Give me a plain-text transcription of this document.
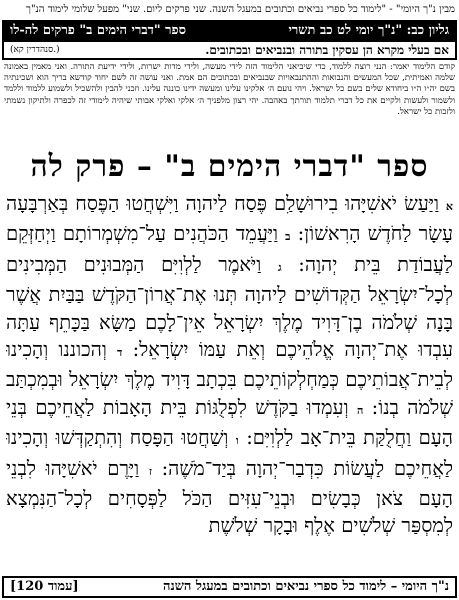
מבין נ"ך היומי" - "לימוד כל ספרי נביאים וכתובים במעגל השנה. שני פרקים ליום. שני" מפעל שלומי לימוד הנ"ך
גליון כב: "נ"ך יומי לט כב תשרי
ספר "דברי הימים ב" פרקים לה-לו
אם בעלי מקרא הן עסקין בתורה ובנביאים ובכתובים.
(סנהדרין קא.)
קודם הלימוד יאמר: הנני רוצה ללמוד, כדי שיביאני הלימוד הזה לידי מעשה, ולידי מדות ישרות, ולידי ידיעת התורה. ואני מאמין באמונה שלמה ואמיתית, שכל המעשים והנבואות וההתנבאויות שבנביאים ובכתובים הם אמת. ואני עושה זה לשם יחוד קודשא בריך הוא ושכינתיה בשם יה״ו ה״ו ביחודא שלים בשם כל ישראל. ויהי נועם ה׳ אלקינו עלינו ומעשה ידינו כוננה עלינו. וזכני להבין ולהשכיל ולשמוע ללמוד וללמד ולשמור ולעשות ולקיים את כל דברי תלמוד תורתך באהבה. יהי רצון מלפניך ה׳ אלקי ואלקי אבותי שיהיה לימודי זה לכפרה ולתיקון נשמתי ולזכות כל ישראל.
ספר "דברי הימים ב" – פרק לה
א וַיַּעַשׂ יֹאשִׁיָּהוּ בִירוּשָׁלִַם פֶּסַח לַיהוָה וַיִּשְׁחֲטוּ הַפֶּסַח בְּאַרְבָּעָה עָשָׂר לַחֹדֶשׁ הָרִאשׁוֹן: ב וַיַּעֲמֵד הַכֹּהֲנִים עַל־מִשְׁמְרוֹתָם וַיְחַזְּקֵם לַעֲבוֹדַת בֵּית יְהוָה: ג וַיֹּאמֶר לַלְוִיִּם הַמְּבוּנִים הַמְּבִינִים לְכָל־יִשְׂרָאֵל הַקְּדוֹשִׁים לַיהוָה תְּנוּ אֶת־אֲרוֹן־הַקֹּדֶשׁ בַּבַּיִת אֲשֶׁר בָּנָה שְׁלֹמֹה בֶן־דָּוִיד מֶלֶךְ יִשְׂרָאֵל אֵין־לָכֶם מַשָּׂא בַּכָּתֵף עַתָּה עִבְדוּ אֶת־יְהוָה אֱלֹהֵיכֶם וְאֵת עַמּוֹ יִשְׂרָאֵל: ד וְהכוננו וְהָכִינוּ לְבֵית־אֲבוֹתֵיכֶם כְּמַחְלְקוֹתֵיכֶם בִּכְתָב דָּוִיד מֶלֶךְ יִשְׂרָאֵל וּבְמִכְתַּב שְׁלֹמֹה בְנוֹ: ה וְעִמְדוּ בַקֹּדֶשׁ לִפְלֻגּוֹת בֵּית הָאָבוֹת לַאֲחֵיכֶם בְּנֵי הָעָם וַחֲלֻקַּת בֵּית־אָב לַלְוִיִּם: ו וְשַׁחֲטוּ הַפָּסַח וְהִתְקַדְּשׁוּ וְהָכִינוּ לַאֲחֵיכֶם לַעֲשׂוֹת כִּדְבַר־יְהוָה בְּיַד־מֹשֶׁה: ז וַיָּרֶם יֹאשִׁיָּהוּ לִבְנֵי הָעָם צֹאן כְּבָשִׂים וּבְנֵי־עִזִּים הַכֹּל לַפְּסָחִים לְכָל־הַנִּמְצָא לְמִסְפַּר שְׁלֹשִׁים אֶלֶף וּבָקָר שְׁלֹשֶׁת
נ"ך היומי – לימוד כל ספרי נביאים וכתובים במעגל השנה
[עמוד 120]
